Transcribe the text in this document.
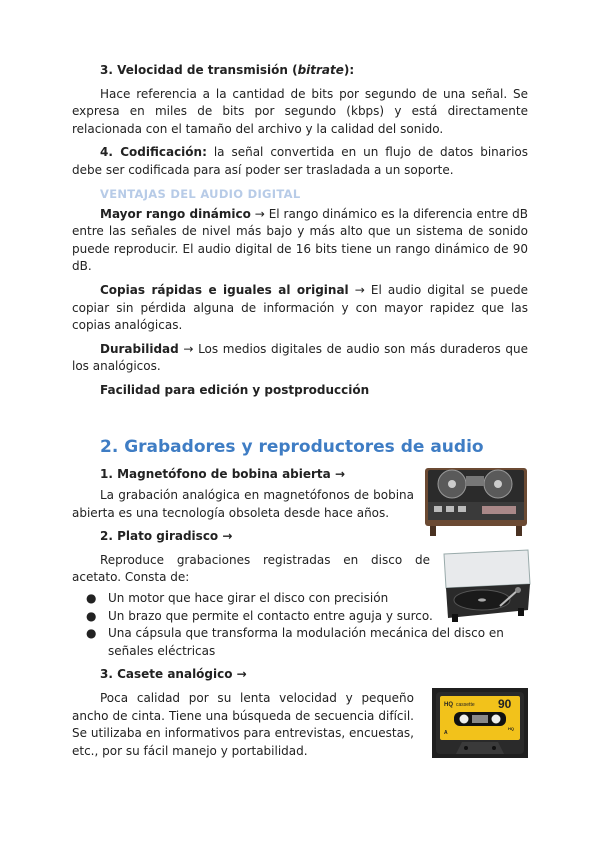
3. Velocidad de transmisión (bitrate):

Hace referencia a la cantidad de bits por segundo de una señal. Se expresa en miles de bits por segundo (kbps) y está directamente relacionada con el tamaño del archivo y la calidad del sonido.

4. Codificación: la señal convertida en un flujo de datos binarios debe ser codificada para así poder ser trasladada a un soporte.

VENTAJAS DEL AUDIO DIGITAL

Mayor rango dinámico → El rango dinámico es la diferencia entre dB entre las señales de nivel más bajo y más alto que un sistema de sonido puede reproducir. El audio digital de 16 bits tiene un rango dinámico de 90 dB.

Copias rápidas e iguales al original → El audio digital se puede copiar sin pérdida alguna de información y con mayor rapidez que las copias analógicas.

Durabilidad → Los medios digitales de audio son más duraderos que los analógicos.

Facilidad para edición y postproducción

2. Grabadores y reproductores de audio

1. Magnetófono de bobina abierta →

La grabación analógica en magnetófonos de bobina abierta es una tecnología obsoleta desde hace años.

2. Plato giradisco →

Reproduce grabaciones registradas en disco de acetato. Consta de:

● Un motor que hace girar el disco con precisión
● Un brazo que permite el contacto entre aguja y surco.
● Una cápsula que transforma la modulación mecánica del disco en señales eléctricas

3. Casete analógico →

Poca calidad por su lenta velocidad y pequeño ancho de cinta. Tiene una búsqueda de secuencia difícil. Se utilizaba en informativos para entrevistas, encuestas, etc., por su fácil manejo y portabilidad.

HQ cassette 90
A
HQ
